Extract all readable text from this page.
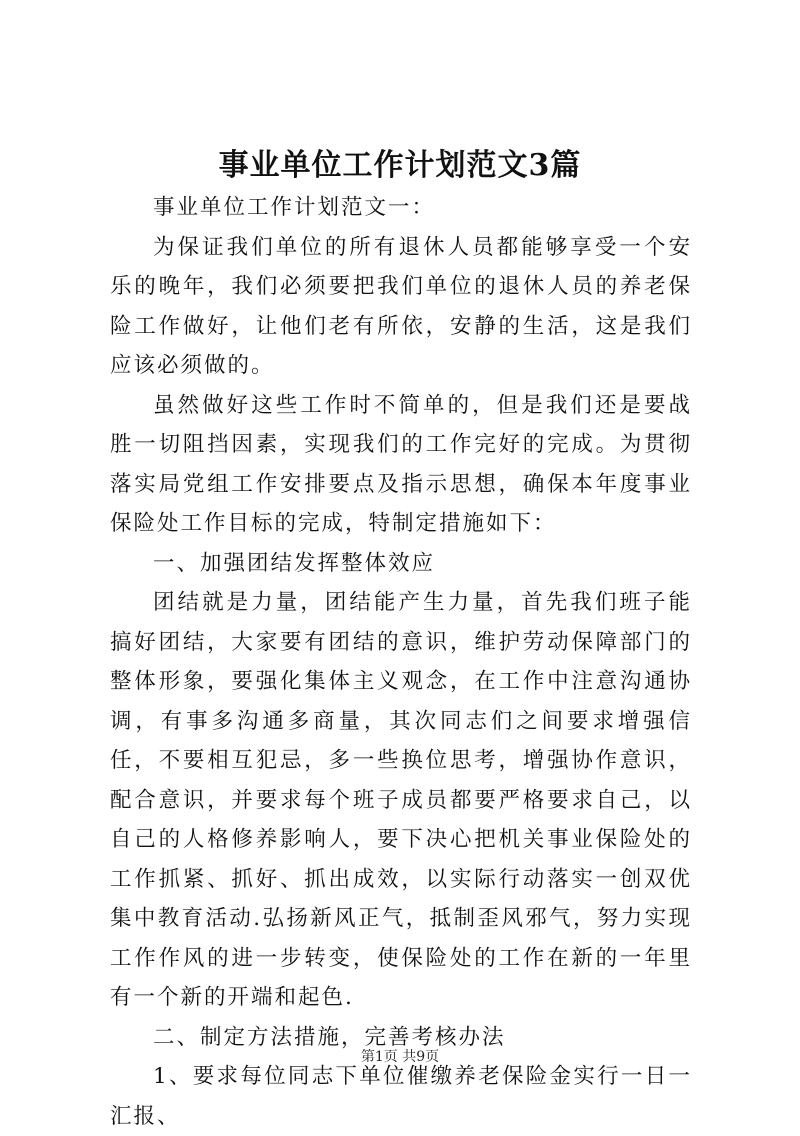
事业单位工作计划范文3篇

事业单位工作计划范文一：

为保证我们单位的所有退休人员都能够享受一个安乐的晚年，我们必须要把我们单位的退休人员的养老保险工作做好，让他们老有所依，安静的生活，这是我们应该必须做的。

虽然做好这些工作时不简单的，但是我们还是要战胜一切阻挡因素，实现我们的工作完好的完成。为贯彻落实局党组工作安排要点及指示思想，确保本年度事业保险处工作目标的完成，特制定措施如下：

一、加强团结发挥整体效应

团结就是力量，团结能产生力量，首先我们班子能搞好团结，大家要有团结的意识，维护劳动保障部门的整体形象，要强化集体主义观念，在工作中注意沟通协调，有事多沟通多商量，其次同志们之间要求增强信任，不要相互犯忌，多一些换位思考，增强协作意识，配合意识，并要求每个班子成员都要严格要求自己，以自己的人格修养影响人，要下决心把机关事业保险处的工作抓紧、抓好、抓出成效，以实际行动落实一创双优集中教育活动.弘扬新风正气，抵制歪风邪气，努力实现工作作风的进一步转变，使保险处的工作在新的一年里有一个新的开端和起色.

二、制定方法措施，完善考核办法

1、要求每位同志下单位催缴养老保险金实行一日一汇报、

第1页 共9页
